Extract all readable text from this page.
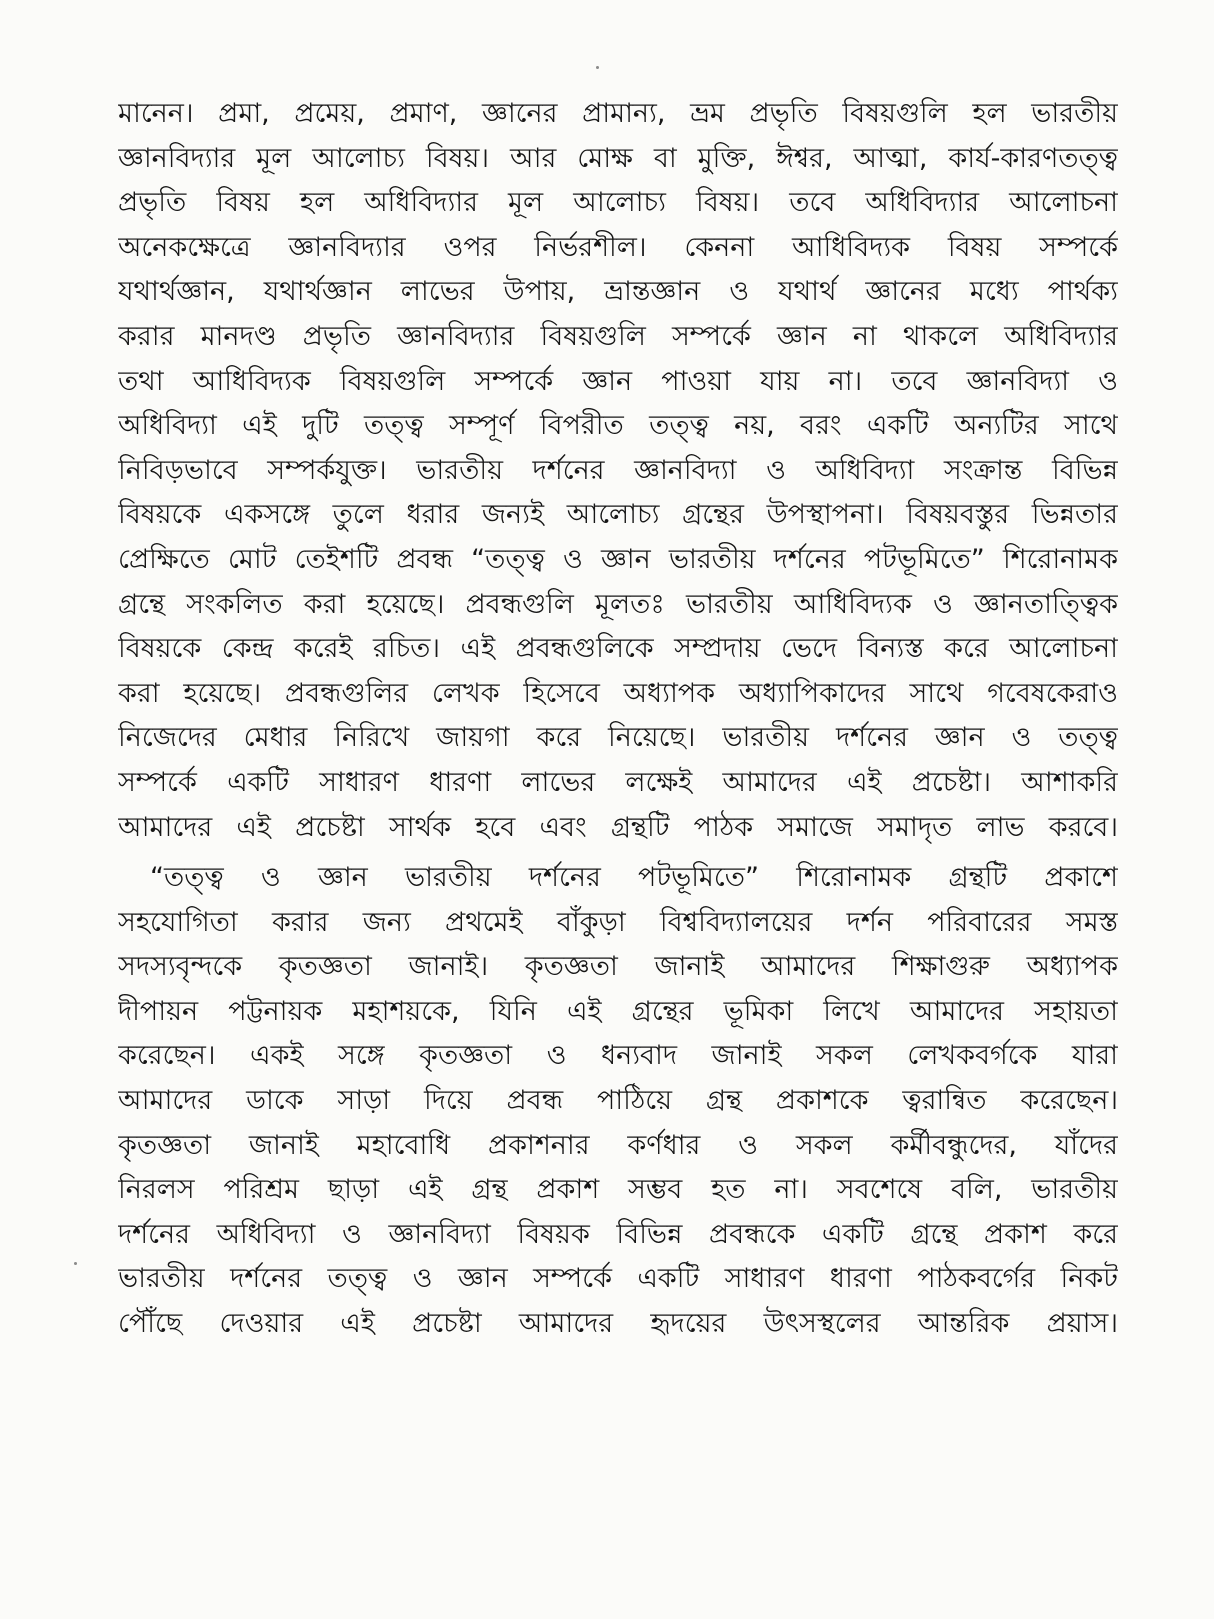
মানেন। প্রমা, প্রমেয়, প্রমাণ, জ্ঞানের প্রামান্য, ভ্রম প্রভৃতি বিষয়গুলি হল ভারতীয়
জ্ঞানবিদ্যার মূল আলোচ্য বিষয়। আর মোক্ষ বা মুক্তি, ঈশ্বর, আত্মা, কার্য-কারণতত্ত্ব
প্রভৃতি বিষয় হল অধিবিদ্যার মূল আলোচ্য বিষয়। তবে অধিবিদ্যার আলোচনা
অনেকক্ষেত্রে জ্ঞানবিদ্যার ওপর নির্ভরশীল। কেননা আধিবিদ্যক বিষয় সম্পর্কে
যথার্থজ্ঞান, যথার্থজ্ঞান লাভের উপায়, ভ্রান্তজ্ঞান ও যথার্থ জ্ঞানের মধ্যে পার্থক্য
করার মানদণ্ড প্রভৃতি জ্ঞানবিদ্যার বিষয়গুলি সম্পর্কে জ্ঞান না থাকলে অধিবিদ্যার
তথা আধিবিদ্যক বিষয়গুলি সম্পর্কে জ্ঞান পাওয়া যায় না। তবে জ্ঞানবিদ্যা ও
অধিবিদ্যা এই দুটি তত্ত্ব সম্পূর্ণ বিপরীত তত্ত্ব নয়, বরং একটি অন্যটির সাথে
নিবিড়ভাবে সম্পর্কযুক্ত। ভারতীয় দর্শনের জ্ঞানবিদ্যা ও অধিবিদ্যা সংক্রান্ত বিভিন্ন
বিষয়কে একসঙ্গে তুলে ধরার জন্যই আলোচ্য গ্রন্থের উপস্থাপনা। বিষয়বস্তুর ভিন্নতার
প্রেক্ষিতে মোট তেইশটি প্রবন্ধ “তত্ত্ব ও জ্ঞান ভারতীয় দর্শনের পটভূমিতে” শিরোনামক
গ্রন্থে সংকলিত করা হয়েছে। প্রবন্ধগুলি মূলতঃ ভারতীয় আধিবিদ্যক ও জ্ঞানতাত্ত্বিক
বিষয়কে কেন্দ্র করেই রচিত। এই প্রবন্ধগুলিকে সম্প্রদায় ভেদে বিন্যস্ত করে আলোচনা
করা হয়েছে। প্রবন্ধগুলির লেখক হিসেবে অধ্যাপক অধ্যাপিকাদের সাথে গবেষকেরাও
নিজেদের মেধার নিরিখে জায়গা করে নিয়েছে। ভারতীয় দর্শনের জ্ঞান ও তত্ত্ব
সম্পর্কে একটি সাধারণ ধারণা লাভের লক্ষেই আমাদের এই প্রচেষ্টা। আশাকরি
আমাদের এই প্রচেষ্টা সার্থক হবে এবং গ্রন্থটি পাঠক সমাজে সমাদৃত লাভ করবে।
“তত্ত্ব ও জ্ঞান ভারতীয় দর্শনের পটভূমিতে” শিরোনামক গ্রন্থটি প্রকাশে
সহযোগিতা করার জন্য প্রথমেই বাঁকুড়া বিশ্ববিদ্যালয়ের দর্শন পরিবারের সমস্ত
সদস্যবৃন্দকে কৃতজ্ঞতা জানাই। কৃতজ্ঞতা জানাই আমাদের শিক্ষাগুরু অধ্যাপক
দীপায়ন পট্টনায়ক মহাশয়কে, যিনি এই গ্রন্থের ভূমিকা লিখে আমাদের সহায়তা
করেছেন। একই সঙ্গে কৃতজ্ঞতা ও ধন্যবাদ জানাই সকল লেখকবর্গকে যারা
আমাদের ডাকে সাড়া দিয়ে প্রবন্ধ পাঠিয়ে গ্রন্থ প্রকাশকে ত্বরান্বিত করেছেন।
কৃতজ্ঞতা জানাই মহাবোধি প্রকাশনার কর্ণধার ও সকল কর্মীবন্ধুদের, যাঁদের
নিরলস পরিশ্রম ছাড়া এই গ্রন্থ প্রকাশ সম্ভব হত না। সবশেষে বলি, ভারতীয়
দর্শনের অধিবিদ্যা ও জ্ঞানবিদ্যা বিষয়ক বিভিন্ন প্রবন্ধকে একটি গ্রন্থে প্রকাশ করে
ভারতীয় দর্শনের তত্ত্ব ও জ্ঞান সম্পর্কে একটি সাধারণ ধারণা পাঠকবর্গের নিকট
পৌঁছে দেওয়ার এই প্রচেষ্টা আমাদের হৃদয়ের উৎসস্থলের আন্তরিক প্রয়াস।
